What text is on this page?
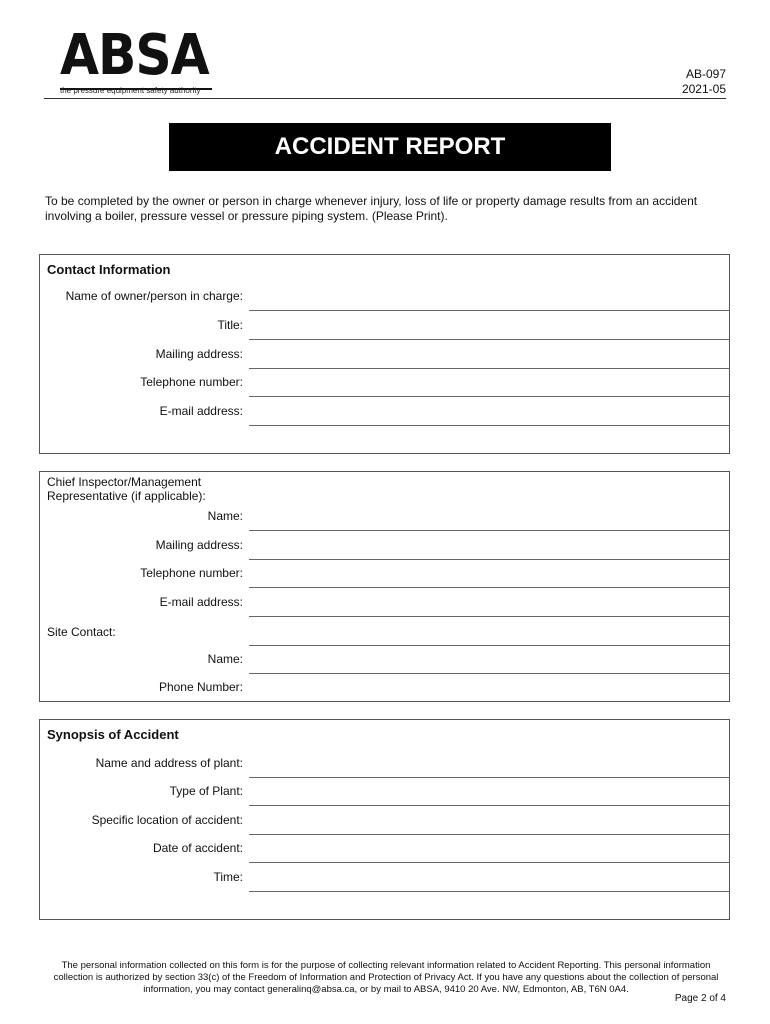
ABSA
the pressure equipment safety authority
AB-097
2021-05
ACCIDENT REPORT
To be completed by the owner or person in charge whenever injury, loss of life or property damage results from an accident involving a boiler, pressure vessel or pressure piping system. (Please Print).
Contact Information
Name of owner/person in charge:
Title:
Mailing address:
Telephone number:
E-mail address:
Chief Inspector/Management Representative (if applicable):
Name:
Mailing address:
Telephone number:
E-mail address:
Site Contact:
Name:
Phone Number:
Synopsis of Accident
Name and address of plant:
Type of Plant:
Specific location of accident:
Date of accident:
Time:
The personal information collected on this form is for the purpose of collecting relevant information related to Accident Reporting. This personal information collection is authorized by section 33(c) of the Freedom of Information and Protection of Privacy Act. If you have any questions about the collection of personal information, you may contact generalinq@absa.ca, or by mail to ABSA, 9410 20 Ave. NW, Edmonton, AB, T6N 0A4.
Page 2 of 4
